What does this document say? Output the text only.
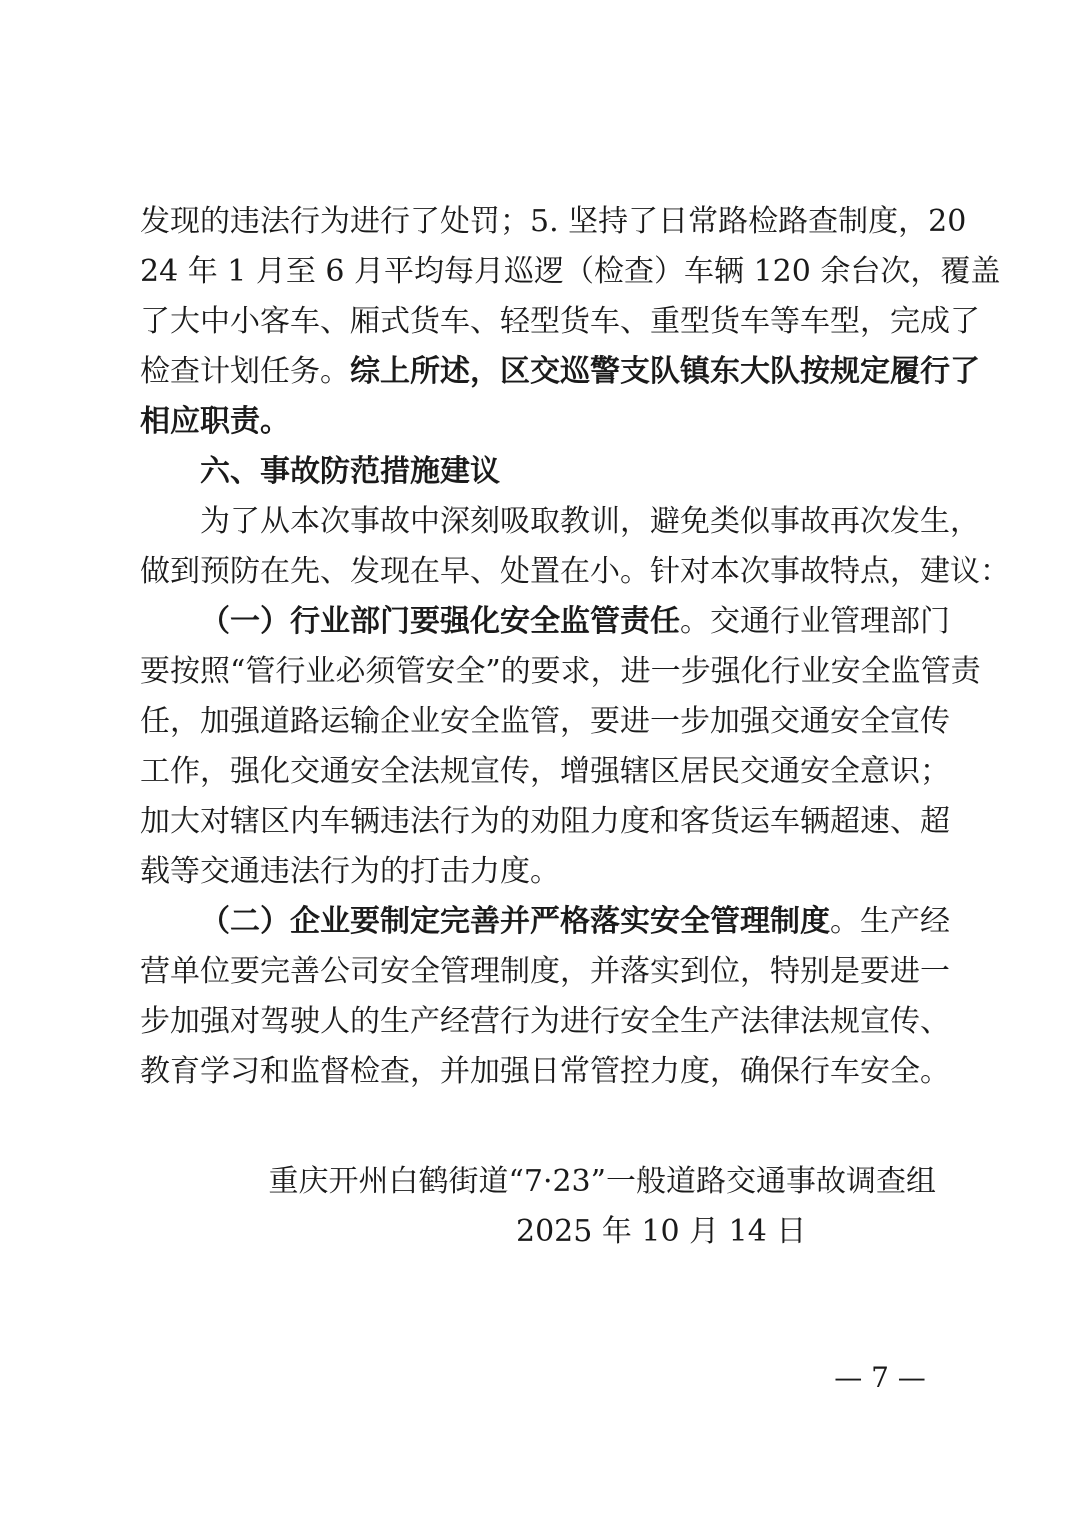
发现的违法行为进行了处罚；5. 坚持了日常路检路查制度，20
24 年 1 月至 6 月平均每月巡逻（检查）车辆 120 余台次，覆盖
了大中小客车、厢式货车、轻型货车、重型货车等车型，完成了
检查计划任务。综上所述，区交巡警支队镇东大队按规定履行了
相应职责。
六、事故防范措施建议
为了从本次事故中深刻吸取教训，避免类似事故再次发生，
做到预防在先、发现在早、处置在小。针对本次事故特点，建议：
（一）行业部门要强化安全监管责任。交通行业管理部门
要按照“管行业必须管安全”的要求，进一步强化行业安全监管责
任，加强道路运输企业安全监管，要进一步加强交通安全宣传
工作，强化交通安全法规宣传，增强辖区居民交通安全意识；
加大对辖区内车辆违法行为的劝阻力度和客货运车辆超速、超
载等交通违法行为的打击力度。
（二）企业要制定完善并严格落实安全管理制度。生产经
营单位要完善公司安全管理制度，并落实到位，特别是要进一
步加强对驾驶人的生产经营行为进行安全生产法律法规宣传、
教育学习和监督检查，并加强日常管控力度，确保行车安全。
重庆开州白鹤街道“7·23”一般道路交通事故调查组
2025 年 10 月 14 日
— 7 —
